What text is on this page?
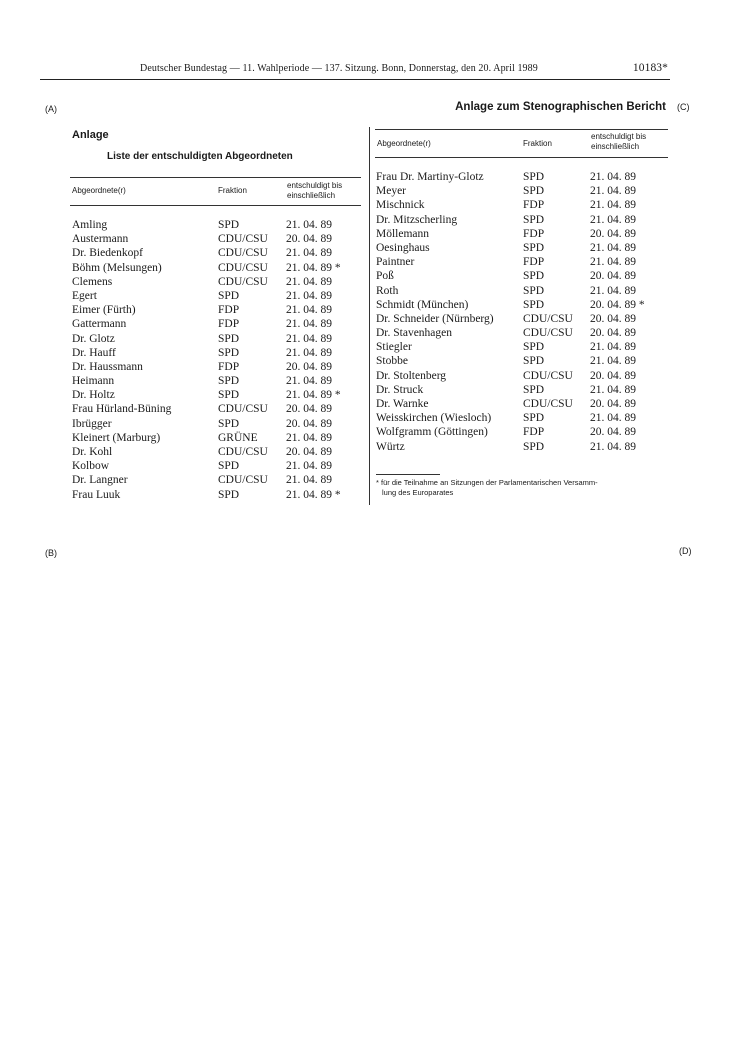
Deutscher Bundestag — 11. Wahlperiode — 137. Sitzung. Bonn, Donnerstag, den 20. April 1989	10183*
(A)	(C)
(B)	(D)
Anlage zum Stenographischen Bericht
Anlage
Liste der entschuldigten Abgeordneten
Abgeordnete(r)	Fraktion
entschuldigt bis
einschließlich
Amling	SPD	21. 04. 89
Austermann	CDU/CSU 20. 04. 89
Dr. Biedenkopf	CDU/CSU 21. 04. 89
Böhm (Melsungen)	CDU/CSU 21. 04. 89 *
Clemens	CDU/CSU 21. 04. 89
Egert	SPD	21. 04. 89
Eimer (Fürth)	FDP	21. 04. 89
Gattermann	FDP	21. 04. 89
Dr. Glotz	SPD	21. 04. 89
Dr. Hauff	SPD	21. 04. 89
Dr. Haussmann	FDP	20. 04. 89
Heimann	SPD	21. 04. 89
Dr. Holtz	SPD	21. 04. 89 *
Frau Hürland-Büning	CDU/CSU 20. 04. 89
Ibrügger	SPD	20. 04. 89
Kleinert (Marburg)	GRÜNE 21. 04. 89
Dr. Kohl	CDU/CSU 20. 04. 89
Kolbow	SPD	21. 04. 89
Dr. Langner	CDU/CSU 21. 04. 89
Frau Luuk	SPD	21. 04. 89 *
Abgeordnete(r)	Fraktion
entschuldigt bis
einschließlich
Frau Dr. Martiny-Glotz	SPD	21. 04. 89
Meyer	SPD	21. 04. 89
Mischnick	FDP	21. 04. 89
Dr. Mitzscherling	SPD	21. 04. 89
Möllemann	FDP	20. 04. 89
Oesinghaus	SPD	21. 04. 89
Paintner	FDP	21. 04. 89
Poß	SPD	20. 04. 89
Roth	SPD	21. 04. 89
Schmidt (München)	SPD	20. 04. 89 *
Dr. Schneider (Nürnberg)	CDU/CSU 20. 04. 89
Dr. Stavenhagen	CDU/CSU 20. 04. 89
Stiegler	SPD	21. 04. 89
Stobbe	SPD	21. 04. 89
Dr. Stoltenberg	CDU/CSU 20. 04. 89
Dr. Struck	SPD	21. 04. 89
Dr. Warnke	CDU/CSU 20. 04. 89
Weisskirchen (Wiesloch)	SPD	21. 04. 89
Wolfgramm (Göttingen)	FDP	20. 04. 89
Würtz	SPD	21. 04. 89
* für die Teilnahme an Sitzungen der Parlamentarischen Versamm-
lung des Europarates
